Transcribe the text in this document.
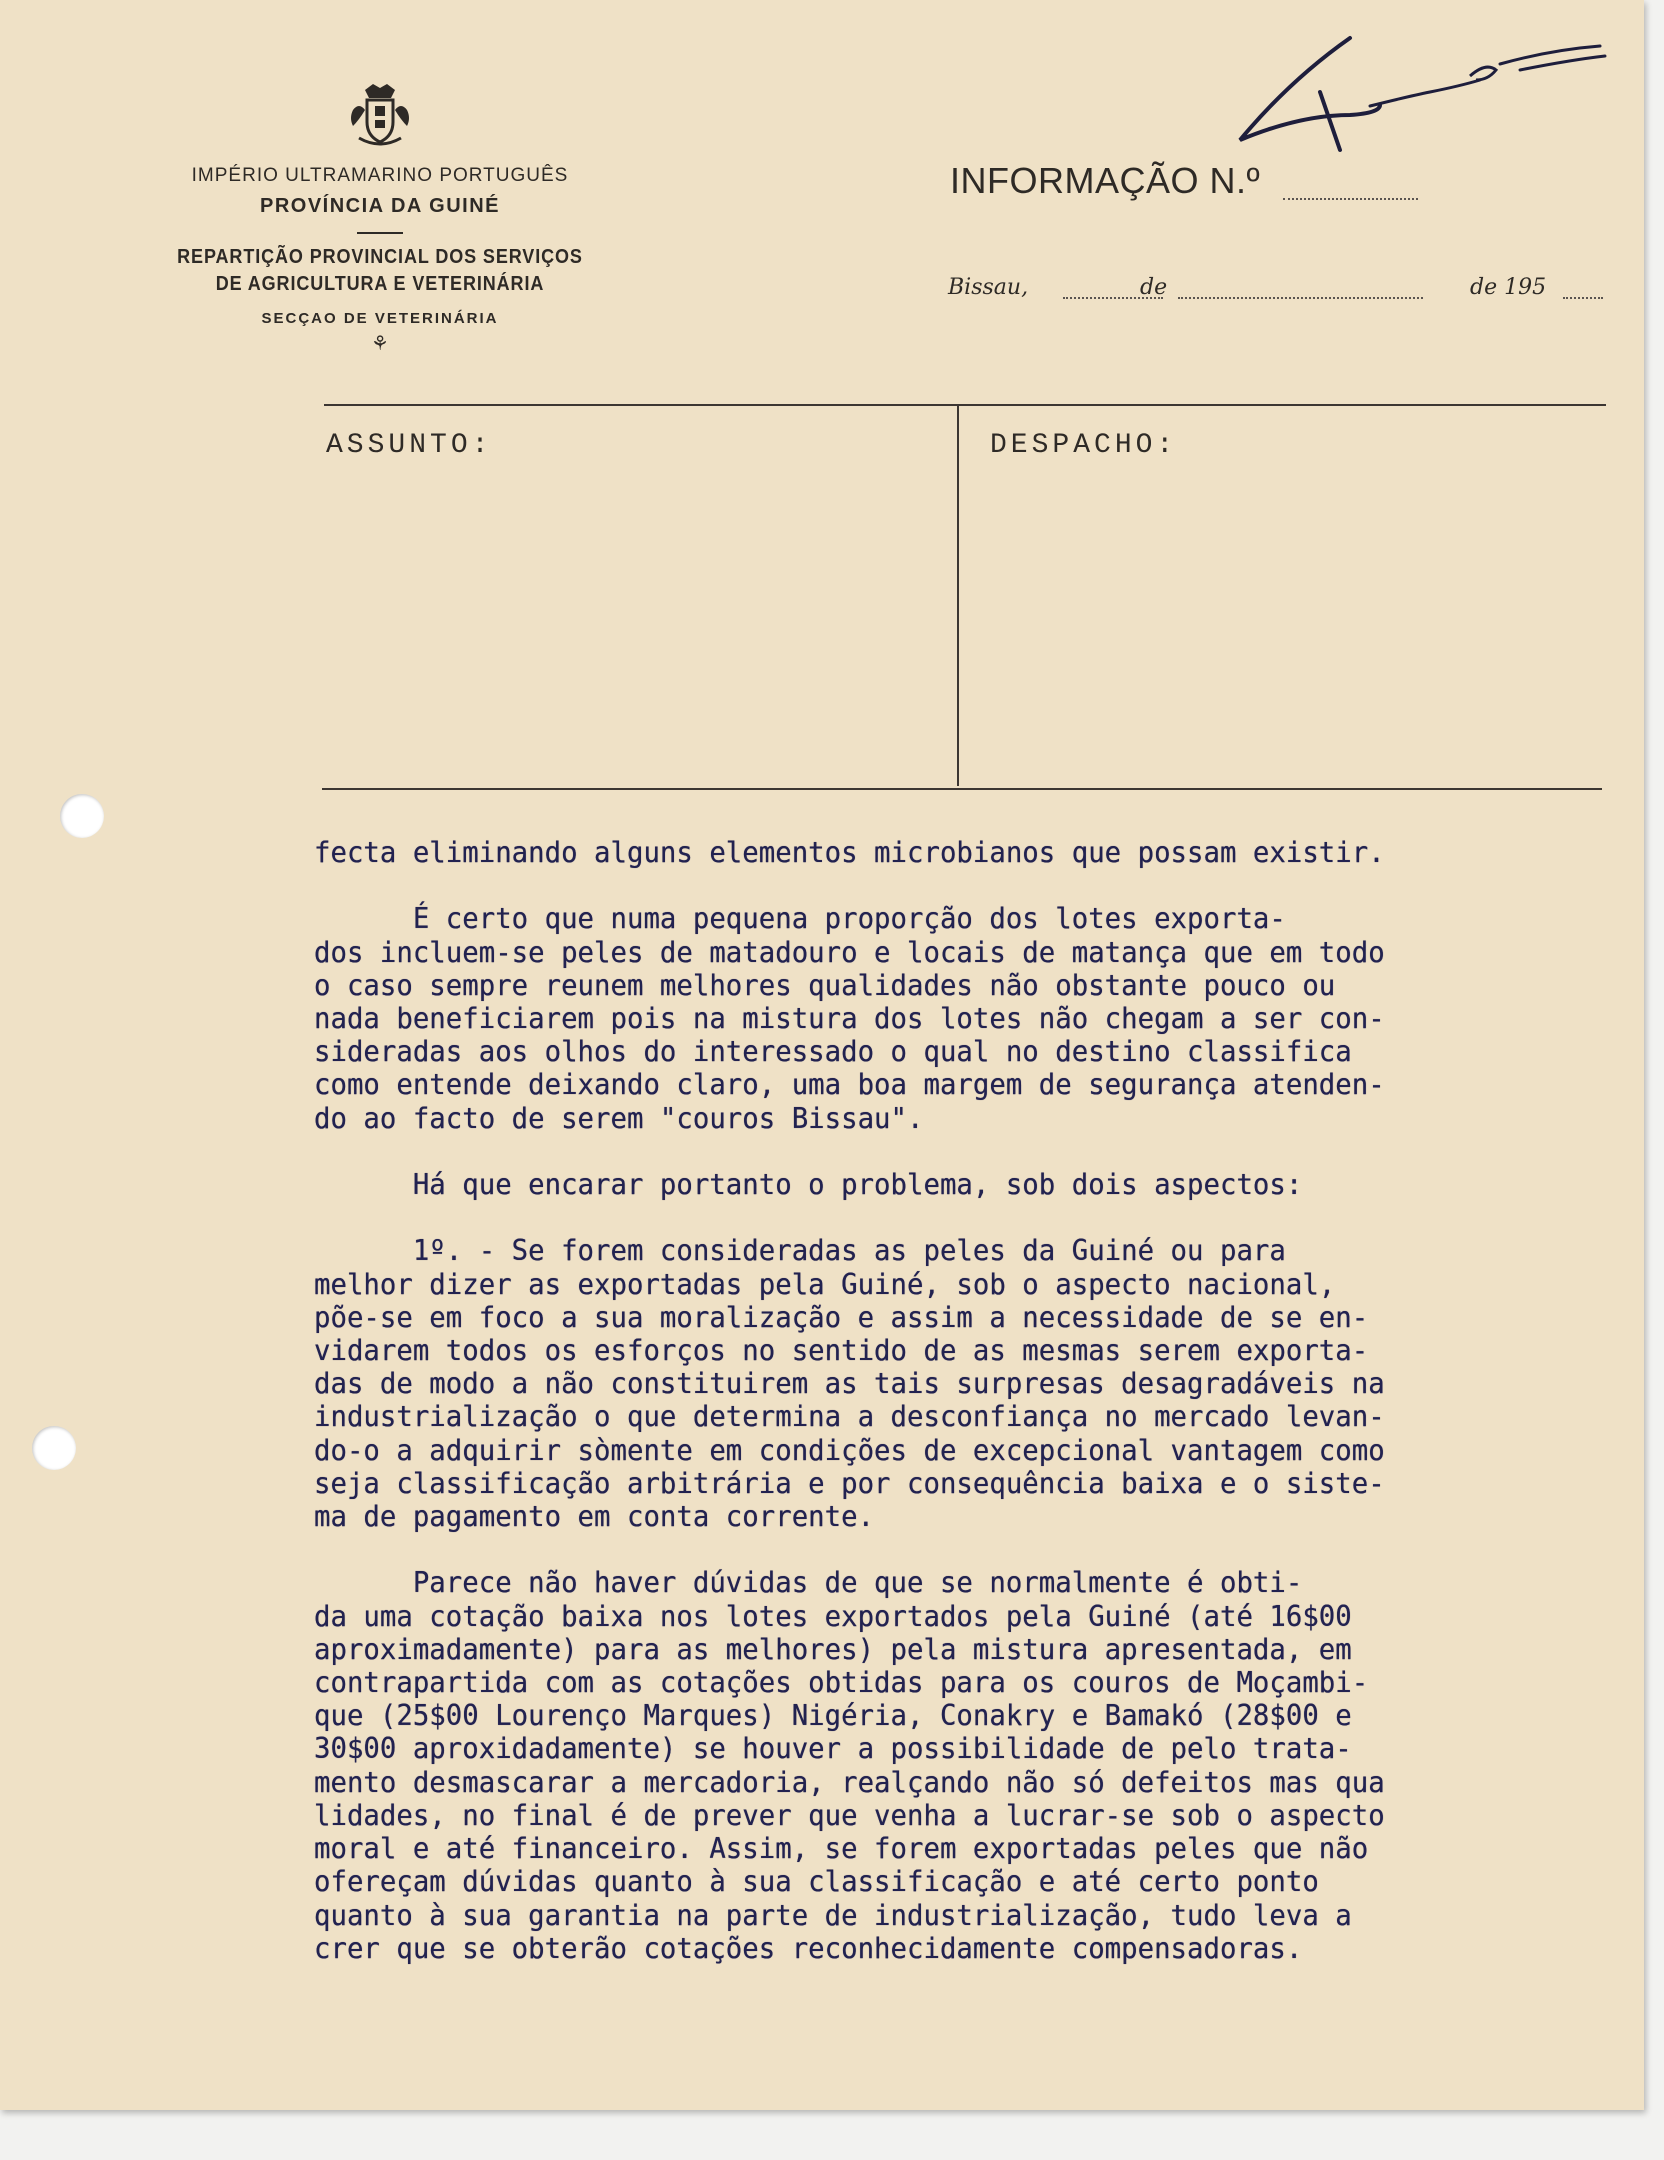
IMPÉRIO ULTRAMARINO PORTUGUÊS
PROVÍNCIA DA GUINÉ
REPARTIÇÃO PROVINCIAL DOS SERVIÇOS
DE AGRICULTURA E VETERINÁRIA
SECÇAO DE VETERINÁRIA
⚘
INFORMAÇÃO N.º
Bissau,	de	de 195
ASSUNTO:	DESPACHO:
fecta eliminando alguns elementos microbianos que possam existir.

É certo que numa pequena proporção dos lotes exporta-
dos incluem-se peles de matadouro e locais de matança que em todo
o caso sempre reunem melhores qualidades não obstante pouco ou
nada beneficiarem pois na mistura dos lotes não chegam a ser con-
sideradas aos olhos do interessado o qual no destino classifica
como entende deixando claro, uma boa margem de segurança atenden-
do ao facto de serem "couros Bissau".

Há que encarar portanto o problema, sob dois aspectos:

1º. - Se forem consideradas as peles da Guiné ou para
melhor dizer as exportadas pela Guiné, sob o aspecto nacional,
põe-se em foco a sua moralização e assim a necessidade de se en-
vidarem todos os esforços no sentido de as mesmas serem exporta-
das de modo a não constituirem as tais surpresas desagradáveis na
industrialização o que determina a desconfiança no mercado levan-
do-o a adquirir sòmente em condições de excepcional vantagem como
seja classificação arbitrária e por consequência baixa e o siste-
ma de pagamento em conta corrente.

Parece não haver dúvidas de que se normalmente é obti-
da uma cotação baixa nos lotes exportados pela Guiné (até 16$00
aproximadamente) para as melhores) pela mistura apresentada, em
contrapartida com as cotações obtidas para os couros de Moçambi-
que (25$00 Lourenço Marques) Nigéria, Conakry e Bamakó (28$00 e
30$00 aproxidadamente) se houver a possibilidade de pelo trata-
mento desmascarar a mercadoria, realçando não só defeitos mas qua
lidades, no final é de prever que venha a lucrar-se sob o aspecto
moral e até financeiro. Assim, se forem exportadas peles que não
ofereçam dúvidas quanto à sua classificação e até certo ponto
quanto à sua garantia na parte de industrialização, tudo leva a
crer que se obterão cotações reconhecidamente compensadoras.
